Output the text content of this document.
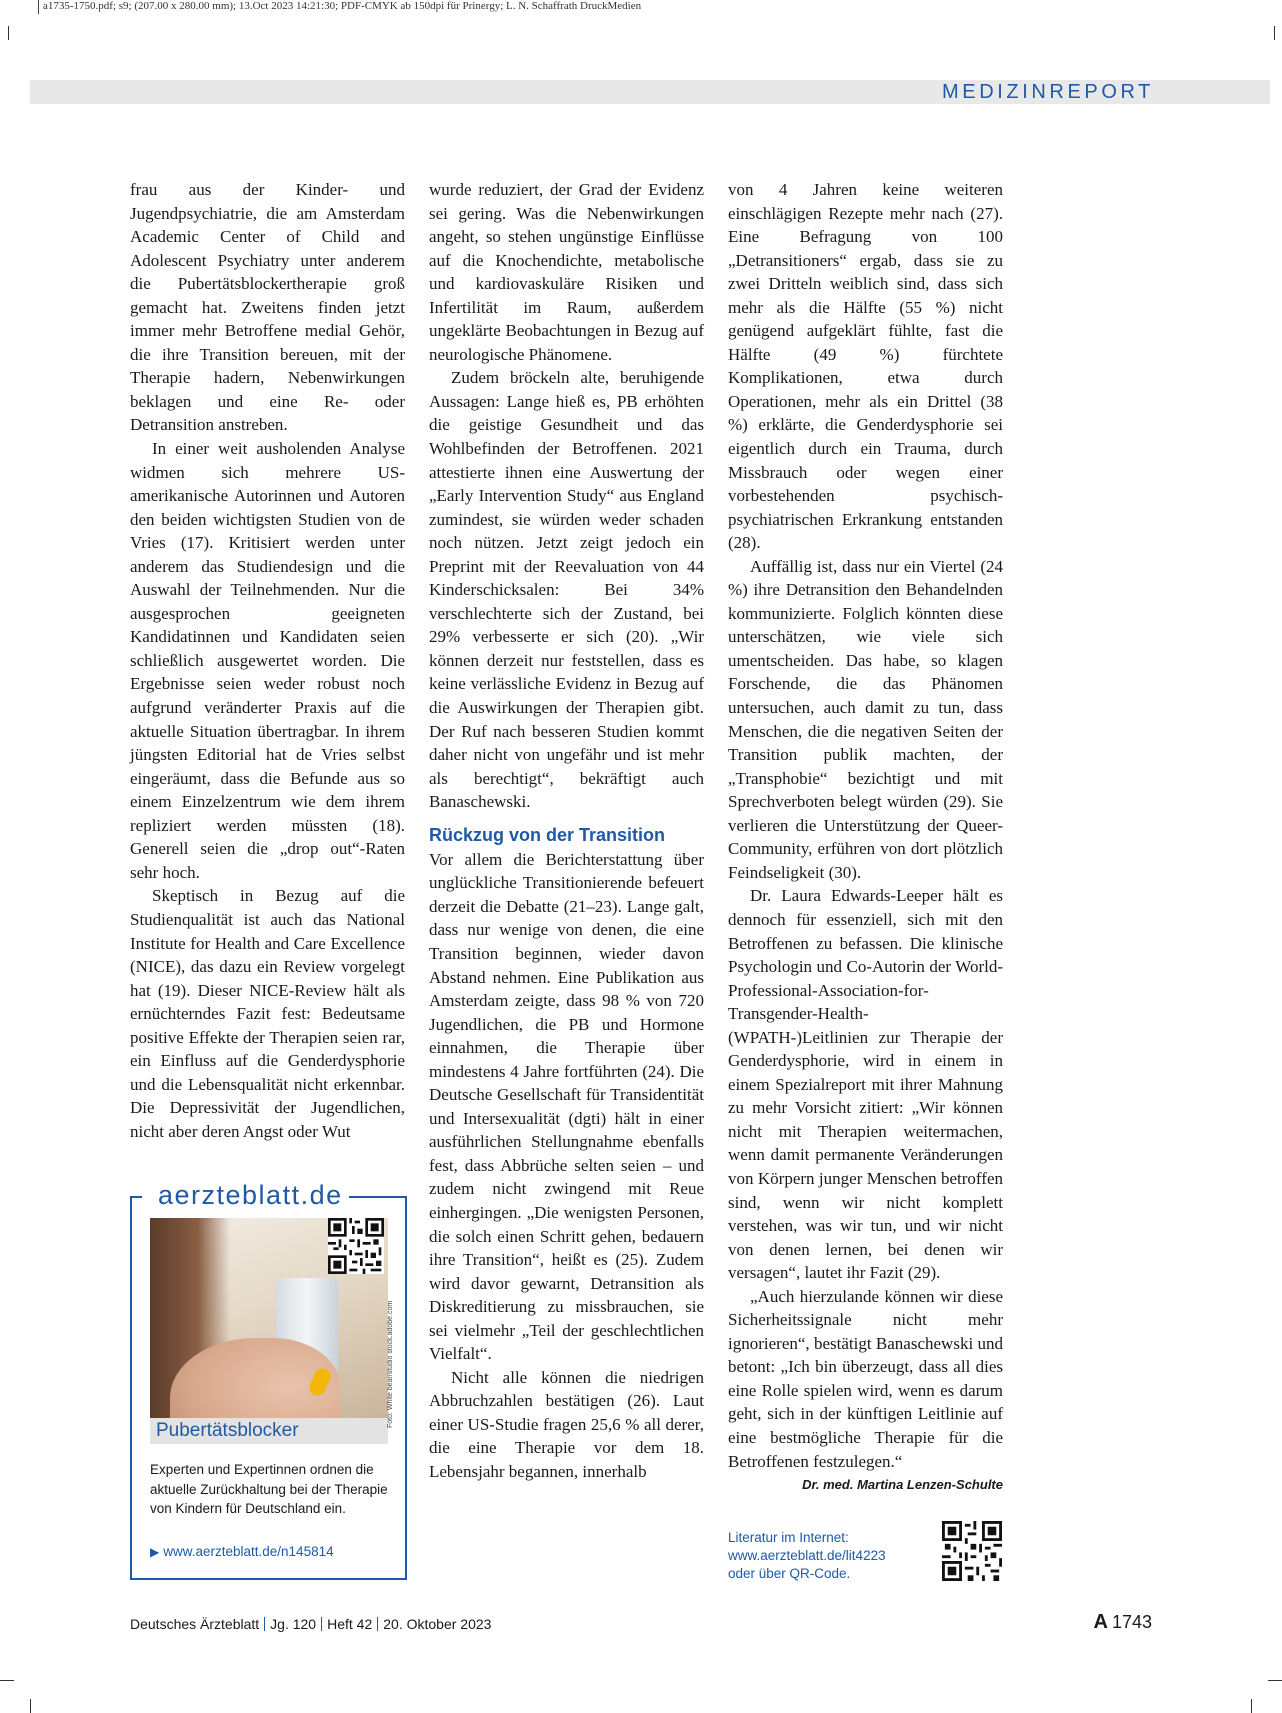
a1735-1750.pdf; s9; (207.00 x 280.00 mm); 13.Oct 2023 14:21:30; PDF-CMYK ab 150dpi für Prinergy; L. N. Schaffrath DruckMedien
MEDIZINREPORT

frau aus der Kinder- und Jugendpsychiatrie, die am Amsterdam Academic Center of Child and Adolescent Psychiatry unter anderem die Pubertätsblockertherapie groß gemacht hat. Zweitens finden jetzt immer mehr Betroffene medial Gehör, die ihre Transition bereuen, mit der Therapie hadern, Nebenwirkungen beklagen und eine Re- oder Detransition anstreben.

In einer weit ausholenden Analyse widmen sich mehrere US-amerikanische Autorinnen und Autoren den beiden wichtigsten Studien von de Vries (17). Kritisiert werden unter anderem das Studiendesign und die Auswahl der Teilnehmenden. Nur die ausgesprochen geeigneten Kandidatinnen und Kandidaten seien schließlich ausgewertet worden. Die Ergebnisse seien weder robust noch aufgrund veränderter Praxis auf die aktuelle Situation übertragbar. In ihrem jüngsten Editorial hat de Vries selbst eingeräumt, dass die Befunde aus so einem Einzelzentrum wie dem ihrem repliziert werden müssten (18). Generell seien die „drop out“-Raten sehr hoch.

Skeptisch in Bezug auf die Studienqualität ist auch das National Institute for Health and Care Excellence (NICE), das dazu ein Review vorgelegt hat (19). Dieser NICE-Review hält als ernüchterndes Fazit fest: Bedeutsame positive Effekte der Therapien seien rar, ein Einfluss auf die Genderdysphorie und die Lebensqualität nicht erkennbar. Die Depressivität der Jugendlichen, nicht aber deren Angst oder Wut

wurde reduziert, der Grad der Evidenz sei gering. Was die Nebenwirkungen angeht, so stehen ungünstige Einflüsse auf die Knochendichte, metabolische und kardiovaskuläre Risiken und Infertilität im Raum, außerdem ungeklärte Beobachtungen in Bezug auf neurologische Phänomene.

Zudem bröckeln alte, beruhigende Aussagen: Lange hieß es, PB erhöhten die geistige Gesundheit und das Wohlbefinden der Betroffenen. 2021 attestierte ihnen eine Auswertung der „Early Intervention Study“ aus England zumindest, sie würden weder schaden noch nützen. Jetzt zeigt jedoch ein Preprint mit der Reevaluation von 44 Kinderschicksalen: Bei 34% verschlechterte sich der Zustand, bei 29% verbesserte er sich (20). „Wir können derzeit nur feststellen, dass es keine verlässliche Evidenz in Bezug auf die Auswirkungen der Therapien gibt. Der Ruf nach besseren Studien kommt daher nicht von ungefähr und ist mehr als berechtigt“, bekräftigt auch Banaschewski.

Rückzug von der Transition

Vor allem die Berichterstattung über unglückliche Transitionierende befeuert derzeit die Debatte (21–23). Lange galt, dass nur wenige von denen, die eine Transition beginnen, wieder davon Abstand nehmen. Eine Publikation aus Amsterdam zeigte, dass 98 % von 720 Jugendlichen, die PB und Hormone einnahmen, die Therapie über mindestens 4 Jahre fortführten (24). Die Deutsche Gesellschaft für Transidentität und Intersexualität (dgti) hält in einer ausführlichen Stellungnahme ebenfalls fest, dass Abbrüche selten seien – und zudem nicht zwingend mit Reue einhergingen. „Die wenigsten Personen, die solch einen Schritt gehen, bedauern ihre Transition“, heißt es (25). Zudem wird davor gewarnt, Detransition als Diskreditierung zu missbrauchen, sie sei vielmehr „Teil der geschlechtlichen Vielfalt“.

Nicht alle können die niedrigen Abbruchzahlen bestätigen (26). Laut einer US-Studie fragen 25,6 % all derer, die eine Therapie vor dem 18. Lebensjahr begannen, innerhalb

von 4 Jahren keine weiteren einschlägigen Rezepte mehr nach (27). Eine Befragung von 100 „Detransitioners“ ergab, dass sie zu zwei Dritteln weiblich sind, dass sich mehr als die Hälfte (55 %) nicht genügend aufgeklärt fühlte, fast die Hälfte (49 %) fürchtete Komplikationen, etwa durch Operationen, mehr als ein Drittel (38 %) erklärte, die Genderdysphorie sei eigentlich durch ein Trauma, durch Missbrauch oder wegen einer vorbestehenden psychisch-psychiatrischen Erkrankung entstanden (28).

Auffällig ist, dass nur ein Viertel (24 %) ihre Detransition den Behandelnden kommunizierte. Folglich könnten diese unterschätzen, wie viele sich umentscheiden. Das habe, so klagen Forschende, die das Phänomen untersuchen, auch damit zu tun, dass Menschen, die die negativen Seiten der Transition publik machten, der „Transphobie“ bezichtigt und mit Sprechverboten belegt würden (29). Sie verlieren die Unterstützung der Queer-Community, erführen von dort plötzlich Feindseligkeit (30).

Dr. Laura Edwards-Leeper hält es dennoch für essenziell, sich mit den Betroffenen zu befassen. Die klinische Psychologin und Co-Autorin der World-Professional-Association-for-Transgender-Health-(WPATH-)Leitlinien zur Therapie der Genderdysphorie, wird in einem in einem Spezialreport mit ihrer Mahnung zu mehr Vorsicht zitiert: „Wir können nicht mit Therapien weitermachen, wenn damit permanente Veränderungen von Körpern junger Menschen betroffen sind, wenn wir nicht komplett verstehen, was wir tun, und wir nicht von denen lernen, bei denen wir versagen“, lautet ihr Fazit (29).

„Auch hierzulande können wir diese Sicherheitssignale nicht mehr ignorieren“, bestätigt Banaschewski und betont: „Ich bin überzeugt, dass all dies eine Rolle spielen wird, wenn es darum geht, sich in der künftigen Leitlinie auf eine bestmögliche Therapie für die Betroffenen festzulegen.“

Dr. med. Martina Lenzen-Schulte
aerzteblatt.de
Pubertätsblocker
Experten und Expertinnen ordnen die aktuelle Zurückhaltung bei der Therapie von Kindern für Deutschland ein.
▶ www.aerzteblatt.de/n145814
Foto: White bear/studio stock.adobe.com
Literatur im Internet:
www.aerzteblatt.de/lit4223
oder über QR-Code.
Deutsches Ärzteblatt Jg. 120 Heft 42 20. Oktober 2023	A 1743
